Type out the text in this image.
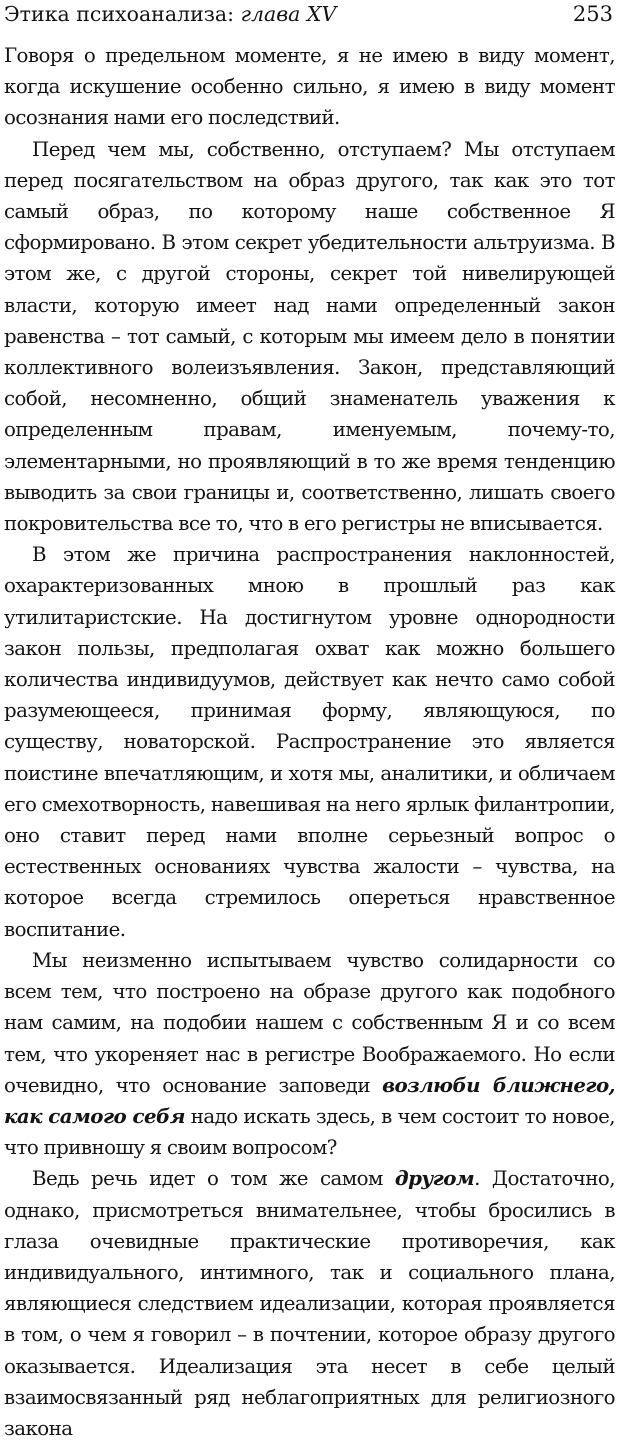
Этика психоанализа: глава XV	253

Говоря о предельном моменте, я не имею в виду момент, когда искушение особенно сильно, я имею в виду момент осознания нами его последствий.

Перед чем мы, собственно, отступаем? Мы отступаем перед посягательством на образ другого, так как это тот самый образ, по которому наше собственное Я сформировано. В этом секрет убедительности альтруизма. В этом же, с другой стороны, секрет той нивелирующей власти, которую имеет над нами определенный закон равенства – тот самый, с которым мы имеем дело в понятии коллективного волеизъявления. Закон, представляющий собой, несомненно, общий знаменатель уважения к определенным правам, именуемым, почему-то, элементарными, но проявляющий в то же время тенденцию выводить за свои границы и, соответственно, лишать своего покровительства все то, что в его регистры не вписывается.

В этом же причина распространения наклонностей, охарактеризованных мною в прошлый раз как утилитаристские. На достигнутом уровне однородности закон пользы, предполагая охват как можно большего количества индивидуумов, действует как нечто само собой разумеющееся, принимая форму, являющуюся, по существу, новаторской. Распространение это является поистине впечатляющим, и хотя мы, аналитики, и обличаем его смехотворность, навешивая на него ярлык филантропии, оно ставит перед нами вполне серьезный вопрос о естественных основаниях чувства жалости – чувства, на которое всегда стремилось опереться нравственное воспитание.

Мы неизменно испытываем чувство солидарности со всем тем, что построено на образе другого как подобного нам самим, на подобии нашем с собственным Я и со всем тем, что укореняет нас в регистре Воображаемого. Но если очевидно, что основание заповеди возлюби ближнего, как самого себя надо искать здесь, в чем состоит то новое, что привношу я своим вопросом?

Ведь речь идет о том же самом другом. Достаточно, однако, присмотреться внимательнее, чтобы бросились в глаза очевидные практические противоречия, как индивидуального, интимного, так и социального плана, являющиеся следствием идеализации, которая проявляется в том, о чем я говорил – в почтении, которое образу другого оказывается. Идеализация эта несет в себе целый взаимосвязанный ряд неблагоприятных для религиозного закона
